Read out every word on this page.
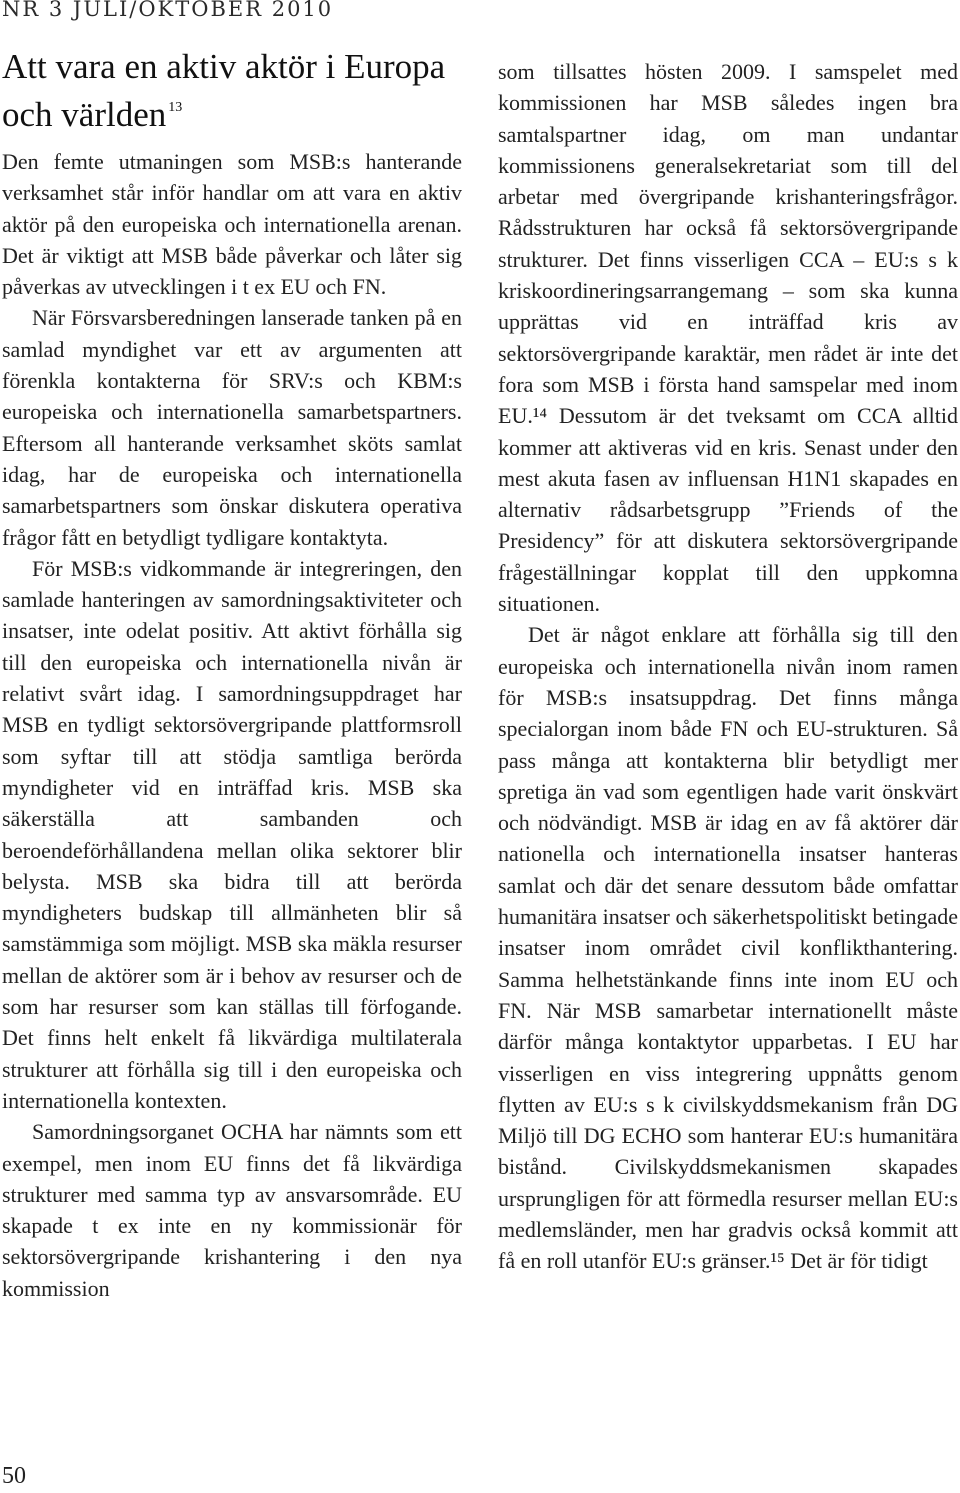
NR 3 JULI/OKTOBER 2010
Att vara en aktiv aktör i Europa och världen $^{13}$

Den femte utmaningen som MSB:s hanterande verksamhet står inför handlar om att vara en aktiv aktör på den europeiska och internationella arenan. Det är viktigt att MSB både påverkar och låter sig påverkas av utvecklingen i t ex EU och FN.

När Försvarsberedningen lanserade tanken på en samlad myndighet var ett av argumenten att förenkla kontakterna för SRV:s och KBM:s europeiska och internationella samarbetspartners. Eftersom all hanterande verksamhet sköts samlat idag, har de europeiska och internationella samarbetspartners som önskar diskutera operativa frågor fått en betydligt tydligare kontaktyta.

För MSB:s vidkommande är integreringen, den samlade hanteringen av samordningsaktiviteter och insatser, inte odelat positiv. Att aktivt förhålla sig till den europeiska och internationella nivån är relativt svårt idag. I samordningsuppdraget har MSB en tydligt sektorsövergripande plattformsroll som syftar till att stödja samtliga berörda myndigheter vid en inträffad kris. MSB ska säkerställa att sambanden och beroendeförhållandena mellan olika sektorer blir belysta. MSB ska bidra till att berörda myndigheters budskap till allmänheten blir så samstämmiga som möjligt. MSB ska mäkla resurser mellan de aktörer som är i behov av resurser och de som har resurser som kan ställas till förfogande. Det finns helt enkelt få likvärdiga multilaterala strukturer att förhålla sig till i den europeiska och internationella kontexten.

Samordningsorganet OCHA har nämnts som ett exempel, men inom EU finns det få likvärdiga strukturer med samma typ av ansvarsområde. EU skapade t ex inte en ny kommissionär för sektorsövergripande krishantering i den nya kommission

som tillsattes hösten 2009. I samspelet med kommissionen har MSB således ingen bra samtalspartner idag, om man undantar kommissionens generalsekretariat som till del arbetar med övergripande krishanteringsfrågor. Rådsstrukturen har också få sektorsövergripande strukturer. Det finns visserligen CCA – EU:s s k kriskoordineringsarrangemang – som ska kunna upprättas vid en inträffad kris av sektorsövergripande karaktär, men rådet är inte det fora som MSB i första hand samspelar med inom EU.¹⁴ Dessutom är det tveksamt om CCA alltid kommer att aktiveras vid en kris. Senast under den mest akuta fasen av influensan H1N1 skapades en alternativ rådsarbetsgrupp ”Friends of the Presidency” för att diskutera sektorsövergripande frågeställningar kopplat till den uppkomna situationen.

Det är något enklare att förhålla sig till den europeiska och internationella nivån inom ramen för MSB:s insatsuppdrag. Det finns många specialorgan inom både FN och EU-strukturen. Så pass många att kontakterna blir betydligt mer spretiga än vad som egentligen hade varit önskvärt och nödvändigt. MSB är idag en av få aktörer där nationella och internationella insatser hanteras samlat och där det senare dessutom både omfattar humanitära insatser och säkerhetspolitiskt betingade insatser inom området civil konflikthantering. Samma helhetstänkande finns inte inom EU och FN. När MSB samarbetar internationellt måste därför många kontaktytor upparbetas. I EU har visserligen en viss integrering uppnåtts genom flytten av EU:s s k civilskyddsmekanism från DG Miljö till DG ECHO som hanterar EU:s humanitära bistånd. Civilskyddsmekanismen skapades ursprungligen för att förmedla resurser mellan EU:s medlemsländer, men har gradvis också kommit att få en roll utanför EU:s gränser.¹⁵ Det är för tidigt

50
